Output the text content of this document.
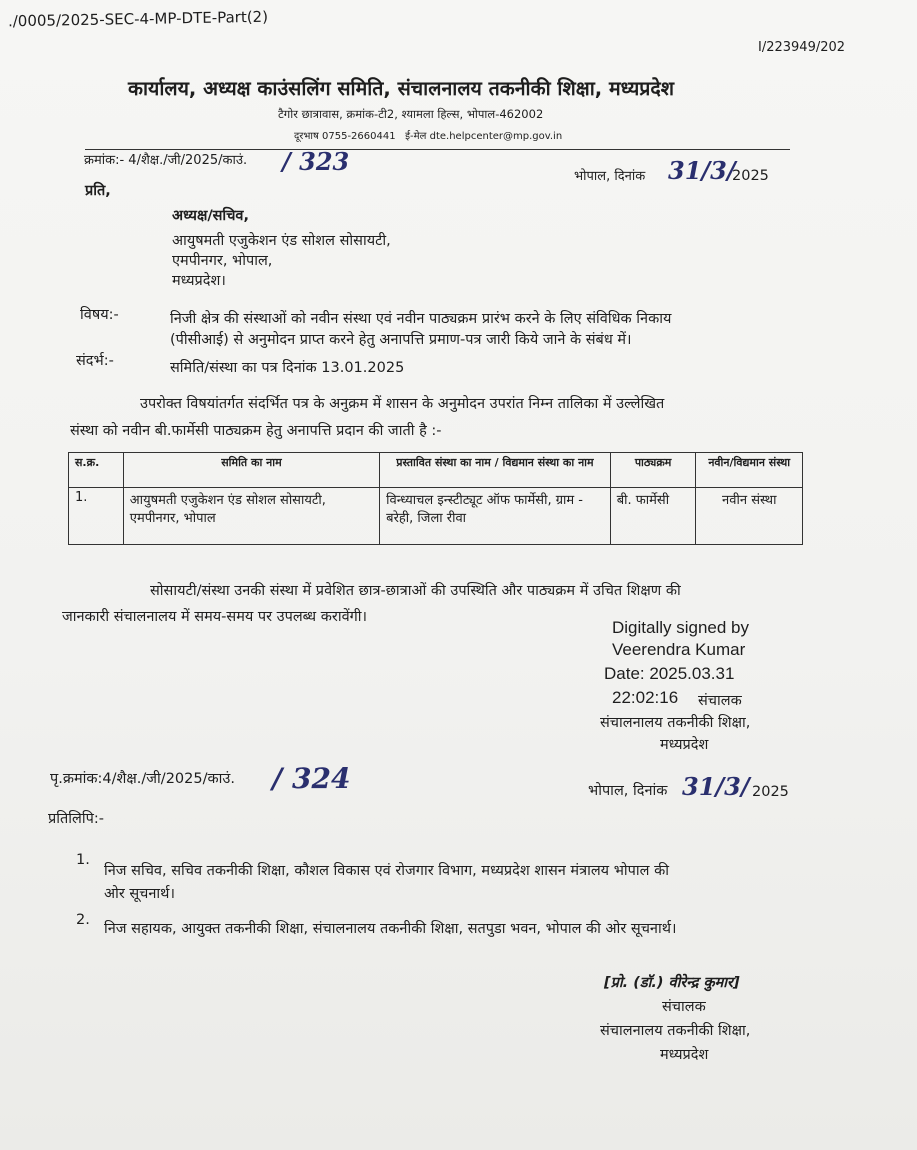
./0005/2025-SEC-4-MP-DTE-Part(2)
I/223949/202
कार्यालय, अध्यक्ष काउंसलिंग समिति, संचालनालय तकनीकी शिक्षा, मध्यप्रदेश
टैगोर छात्रावास, क्रमांक-टी2, श्यामला हिल्स, भोपाल-462002
दूरभाष 0755-2660441 ई-मेल dte.helpcenter@mp.gov.in
क्रमांक:- 4/शैक्ष./जी/2025/काउं. / 323
भोपाल, दिनांक 31/3/
2025
प्रति,
अध्यक्ष/सचिव,
आयुषमती एजुकेशन एंड सोशल सोसायटी,
एमपीनगर, भोपाल,
मध्यप्रदेश।
विषय:-	निजी क्षेत्र की संस्थाओं को नवीन संस्था एवं नवीन पाठ्यक्रम प्रारंभ करने के लिए संविधिक निकाय
(पीसीआई) से अनुमोदन प्राप्त करने हेतु अनापत्ति प्रमाण-पत्र जारी किये जाने के संबंध में।
संदर्भ:-	समिति/संस्था का पत्र दिनांक 13.01.2025
उपरोक्त विषयांतर्गत संदर्भित पत्र के अनुक्रम में शासन के अनुमोदन उपरांत निम्न तालिका में उल्लेखित
संस्था को नवीन बी.फार्मेसी पाठ्यक्रम हेतु अनापत्ति प्रदान की जाती है :-
स.क्र.	समिति का नाम	प्रस्तावित संस्था का नाम / विद्यमान संस्था का नाम	पाठ्यक्रम	नवीन/विद्यमान संस्था
1.	आयुषमती एजुकेशन एंड सोशल सोसायटी, एमपीनगर, भोपाल	विन्ध्याचल इन्स्टीट्यूट ऑफ फार्मेसी, ग्राम - बरेही, जिला रीवा	बी. फार्मेसी	नवीन संस्था
सोसायटी/संस्था उनकी संस्था में प्रवेशित छात्र-छात्राओं की उपस्थिति और पाठ्यक्रम में उचित शिक्षण की
जानकारी संचालनालय में समय-समय पर उपलब्ध करावेंगी।
Digitally signed by
Veerendra Kumar
Date: 2025.03.31
22:02:16 संचालक
संचालनालय तकनीकी शिक्षा,
मध्यप्रदेश
पृ.क्रमांक:4/शैक्ष./जी/2025/काउं. / 324	भोपाल, दिनांक 31/3/ 2025
प्रतिलिपि:-
1.
निज सचिव, सचिव तकनीकी शिक्षा, कौशल विकास एवं रोजगार विभाग, मध्यप्रदेश शासन मंत्रालय भोपाल की
ओर सूचनार्थ।
2.
निज सहायक, आयुक्त तकनीकी शिक्षा, संचालनालय तकनीकी शिक्षा, सतपुडा भवन, भोपाल की ओर सूचनार्थ।
[प्रो. (डॉ.) वीरेन्द्र कुमार]
संचालक
संचालनालय तकनीकी शिक्षा,
मध्यप्रदेश
